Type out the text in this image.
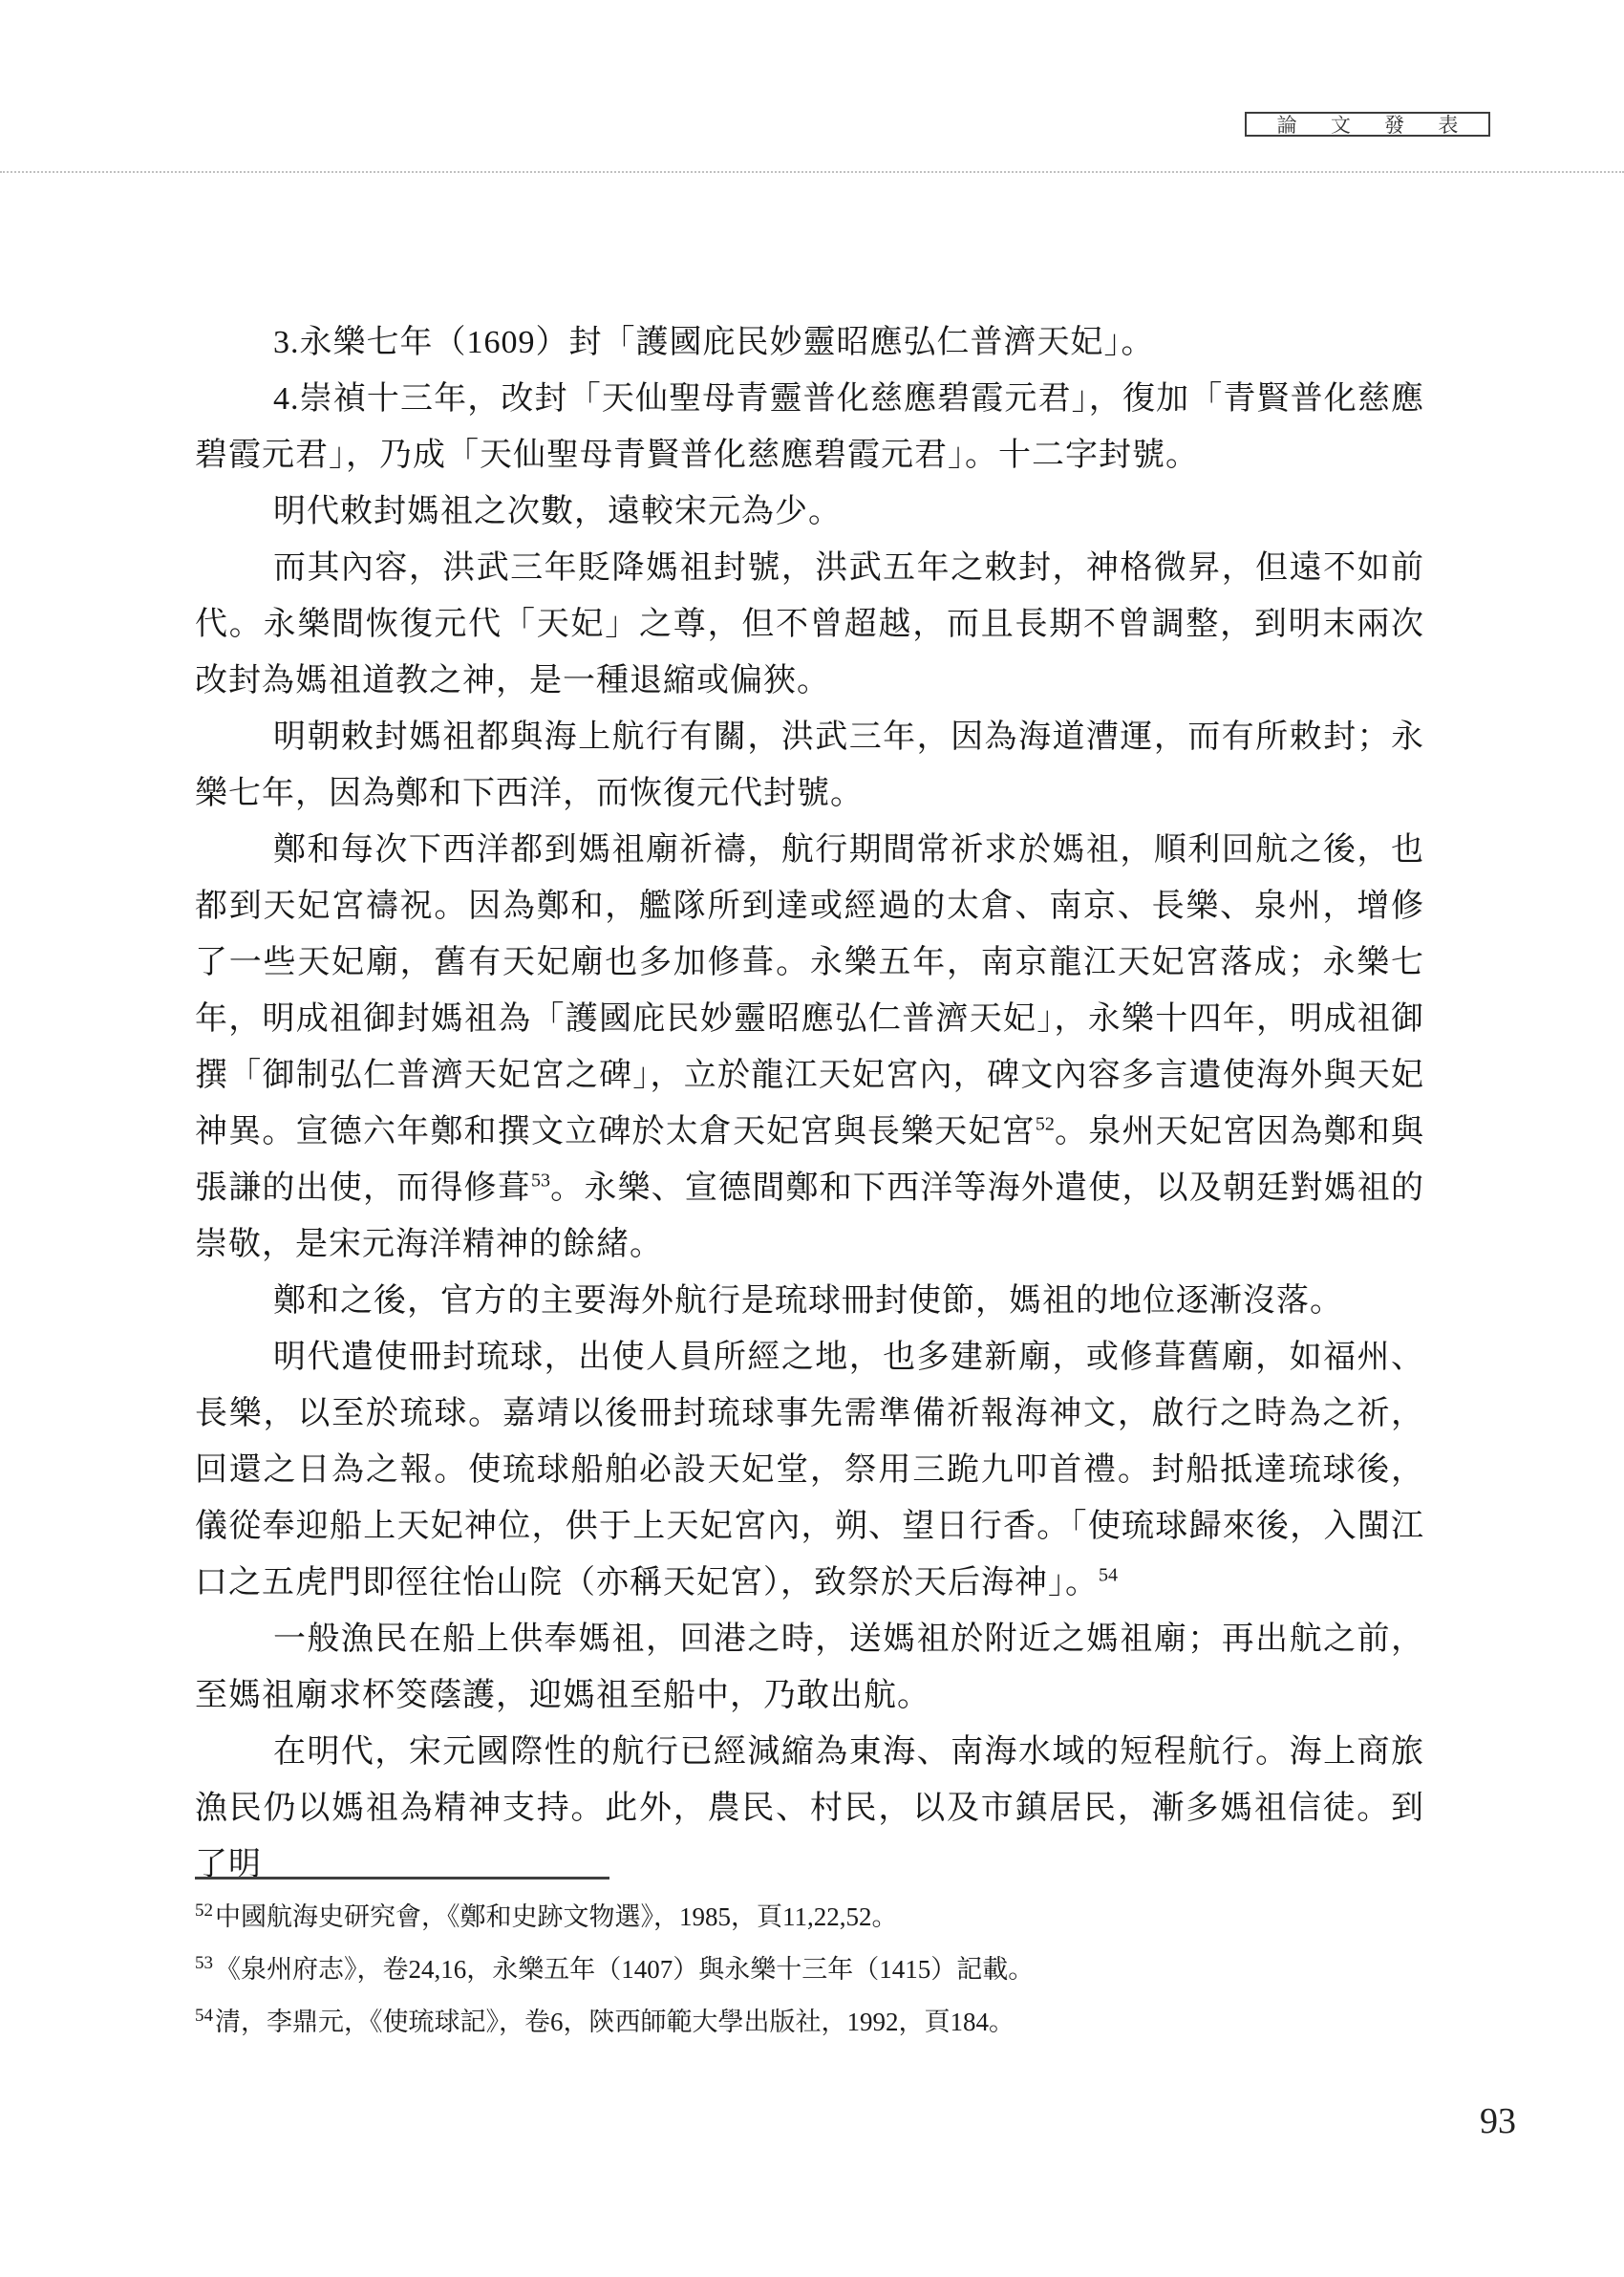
論 文 發 表

3.永樂七年（1609）封「護國庇民妙靈昭應弘仁普濟天妃」。

4.崇禎十三年，改封「天仙聖母青靈普化慈應碧霞元君」，復加「青賢普化慈應碧霞元君」，乃成「天仙聖母青賢普化慈應碧霞元君」。十二字封號。

明代敕封媽祖之次數，遠較宋元為少。

而其內容，洪武三年貶降媽祖封號，洪武五年之敕封，神格微昇，但遠不如前代。永樂間恢復元代「天妃」之尊，但不曾超越，而且長期不曾調整，到明末兩次改封為媽祖道教之神，是一種退縮或偏狹。

明朝敕封媽祖都與海上航行有關，洪武三年，因為海道漕運，而有所敕封；永樂七年，因為鄭和下西洋，而恢復元代封號。

鄭和每次下西洋都到媽祖廟祈禱，航行期間常祈求於媽祖，順利回航之後，也都到天妃宮禱祝。因為鄭和，艦隊所到達或經過的太倉、南京、長樂、泉州，增修了一些天妃廟，舊有天妃廟也多加修葺。永樂五年，南京龍江天妃宮落成；永樂七年，明成祖御封媽祖為「護國庇民妙靈昭應弘仁普濟天妃」，永樂十四年，明成祖御撰「御制弘仁普濟天妃宮之碑」，立於龍江天妃宮內，碑文內容多言遺使海外與天妃神異。宣德六年鄭和撰文立碑於太倉天妃宮與長樂天妃宮$^{52}$。泉州天妃宮因為鄭和與張謙的出使，而得修葺$^{53}$。永樂、宣德間鄭和下西洋等海外遣使，以及朝廷對媽祖的崇敬，是宋元海洋精神的餘緒。

鄭和之後，官方的主要海外航行是琉球冊封使節，媽祖的地位逐漸沒落。

明代遣使冊封琉球，出使人員所經之地，也多建新廟，或修葺舊廟，如福州、長樂，以至於琉球。嘉靖以後冊封琉球事先需準備祈報海神文，啟行之時為之祈，回還之日為之報。使琉球船舶必設天妃堂，祭用三跪九叩首禮。封船抵達琉球後，儀從奉迎船上天妃神位，供于上天妃宮內，朔、望日行香。「使琉球歸來後，入閩江口之五虎門即徑往怡山院（亦稱天妃宮），致祭於天后海神」。$^{54}$

一般漁民在船上供奉媽祖，回港之時，送媽祖於附近之媽祖廟；再出航之前，至媽祖廟求杯筊蔭護，迎媽祖至船中，乃敢出航。

在明代，宋元國際性的航行已經減縮為東海、南海水域的短程航行。海上商旅漁民仍以媽祖為精神支持。此外，農民、村民，以及市鎮居民，漸多媽祖信徒。到了明

$^{52}$中國航海史研究會，《鄭和史跡文物選》，1985，頁11,22,52。
$^{53}$《泉州府志》，卷24,16，永樂五年（1407）與永樂十三年（1415）記載。
$^{54}$清，李鼎元，《使琉球記》，卷6，陝西師範大學出版社，1992，頁184。
93
